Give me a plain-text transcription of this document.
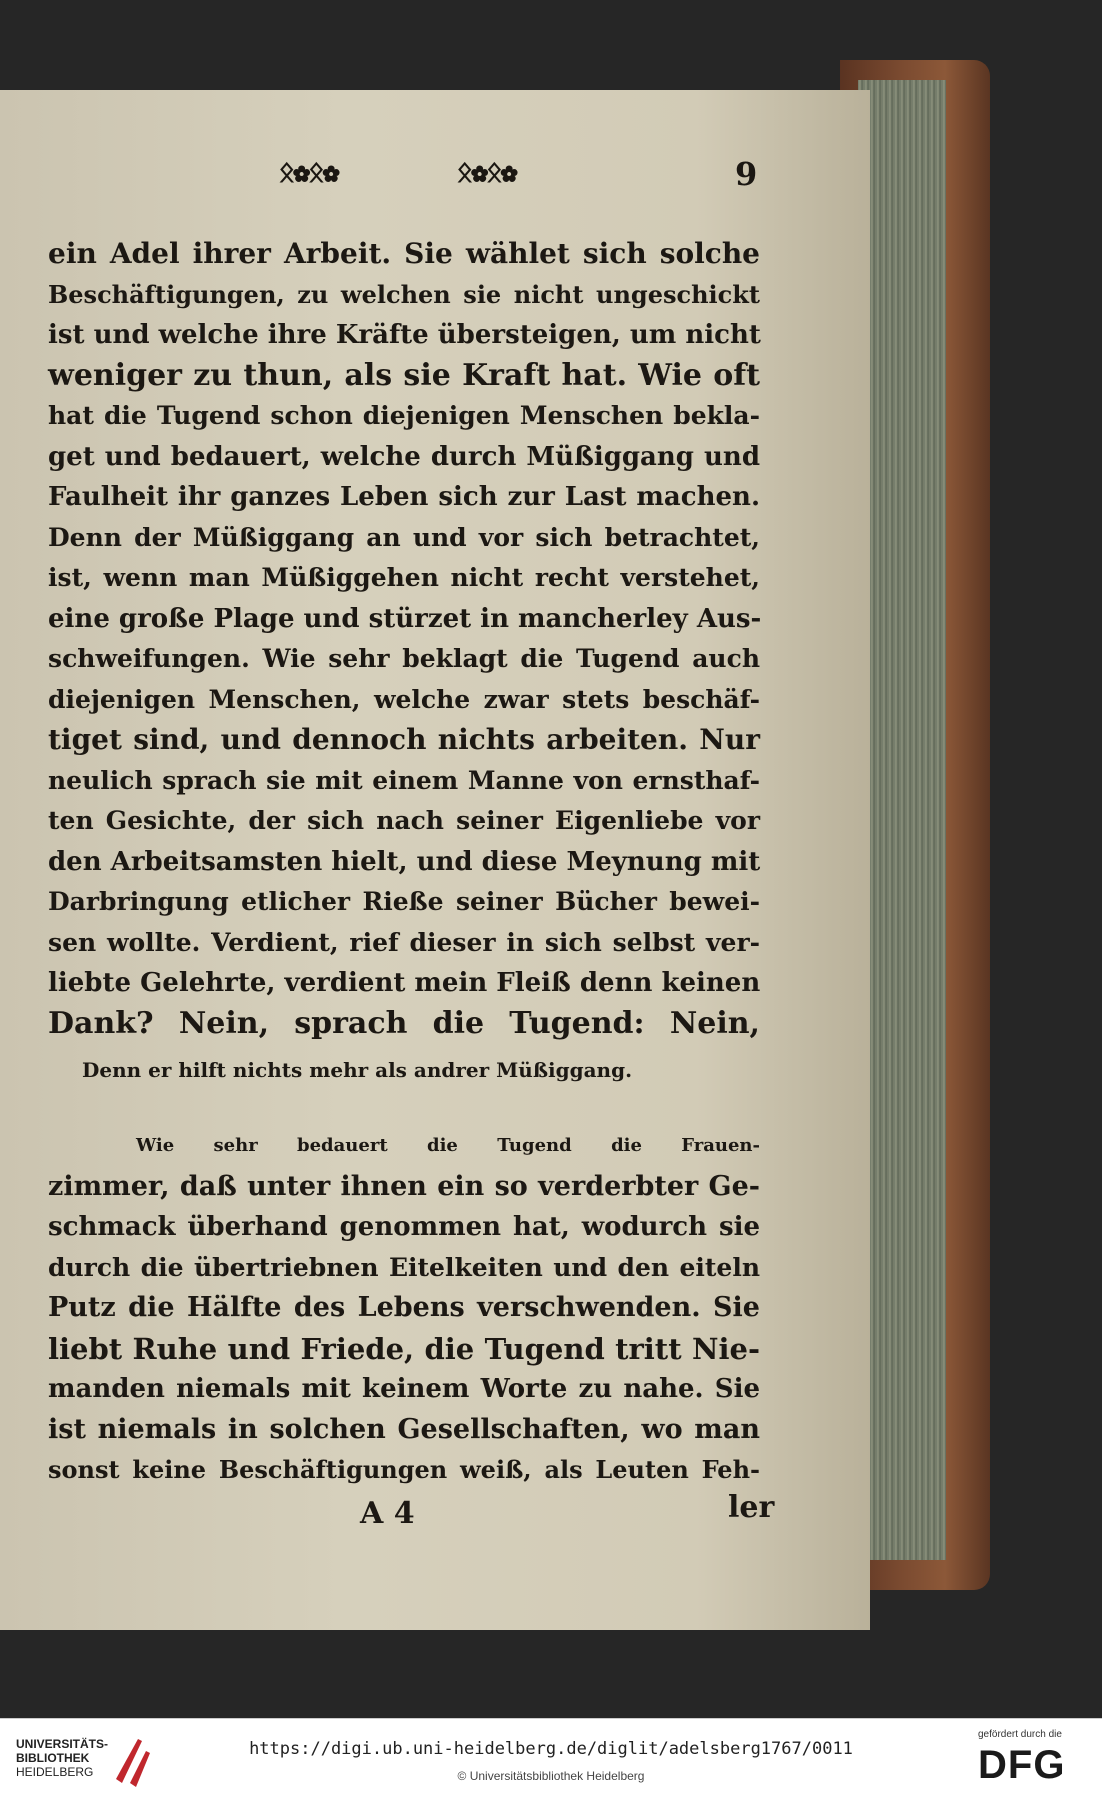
ᛟ✿ᛟ✿	ᛟ✿ᛟ✿	9
ein Adel ihrer Arbeit. Sie wählet sich solche
Beschäftigungen, zu welchen sie nicht ungeschickt
ist und welche ihre Kräfte übersteigen, um nicht
weniger zu thun, als sie Kraft hat. Wie oft
hat die Tugend schon diejenigen Menschen bekla-
get und bedauert, welche durch Müßiggang und
Faulheit ihr ganzes Leben sich zur Last machen.
Denn der Müßiggang an und vor sich betrachtet,
ist, wenn man Müßiggehen nicht recht verstehet,
eine große Plage und stürzet in mancherley Aus-
schweifungen. Wie sehr beklagt die Tugend auch
diejenigen Menschen, welche zwar stets beschäf-
tiget sind, und dennoch nichts arbeiten. Nur
neulich sprach sie mit einem Manne von ernsthaf-
ten Gesichte, der sich nach seiner Eigenliebe vor
den Arbeitsamsten hielt, und diese Meynung mit
Darbringung etlicher Rieße seiner Bücher bewei-
sen wollte. Verdient, rief dieser in sich selbst ver-
liebte Gelehrte, verdient mein Fleiß denn keinen
Dank? Nein, sprach die Tugend: Nein,
Denn er hilft nichts mehr als andrer Müßiggang.
Wie sehr bedauert die Tugend die Frauen-
zimmer, daß unter ihnen ein so verderbter Ge-
schmack überhand genommen hat, wodurch sie
durch die übertriebnen Eitelkeiten und den eiteln
Putz die Hälfte des Lebens verschwenden. Sie
liebt Ruhe und Friede, die Tugend tritt Nie-
manden niemals mit keinem Worte zu nahe. Sie
ist niemals in solchen Gesellschaften, wo man
sonst keine Beschäftigungen weiß, als Leuten Feh-
A 4	ler
UNIVERSITÄTS-
BIBLIOTHEK
HEIDELBERG
https://digi.ub.uni-heidelberg.de/diglit/adelsberg1767/0011
© Universitätsbibliothek Heidelberg
gefördert durch die
DFG
